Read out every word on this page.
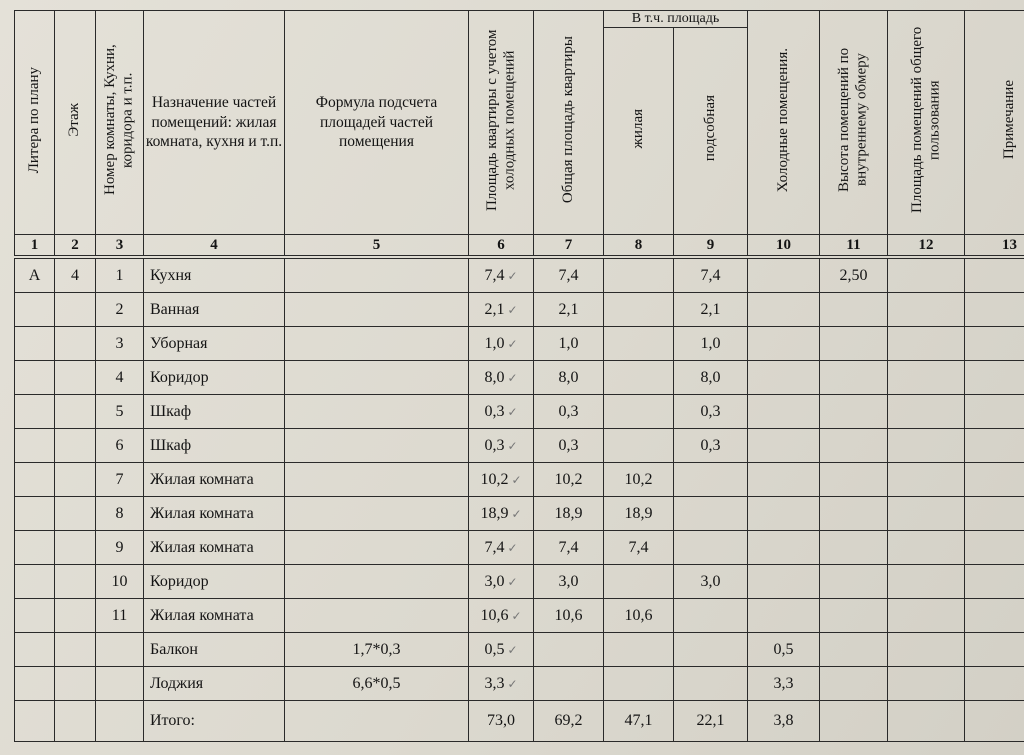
Литера по плану	Этаж	Номер комнаты, Кухни, коридора и т.п.	Назначение частей помещений: жилая комната, кухня и т.п.	Формула подсчета площадей частей помещения	Площадь квартиры с учетом холодных помещений	Общая площадь квартиры	В т.ч. площадь		Холодные помещения.	Высота помещений по внутреннему обмеру	Площадь помещений общего пользования	Примечание
							жилая	подсобная				
1	2	3	4	5	6	7	8	9	10	11	12	13
А	4	1	Кухня		7,4 ✓	7,4		7,4		2,50		
		2	Ванная		2,1 ✓	2,1		2,1				
		3	Уборная		1,0 ✓	1,0		1,0				
		4	Коридор		8,0 ✓	8,0		8,0				
		5	Шкаф		0,3 ✓	0,3		0,3				
		6	Шкаф		0,3 ✓	0,3		0,3				
		7	Жилая комната		10,2 ✓	10,2	10,2					
		8	Жилая комната		18,9 ✓	18,9	18,9					
		9	Жилая комната		7,4 ✓	7,4	7,4					
		10	Коридор		3,0 ✓	3,0		3,0				
		11	Жилая комната		10,6 ✓	10,6	10,6					
			Балкон	1,7*0,3	0,5 ✓				0,5			
			Лоджия	6,6*0,5	3,3 ✓				3,3			
			Итого:		73,0	69,2	47,1	22,1	3,8			
